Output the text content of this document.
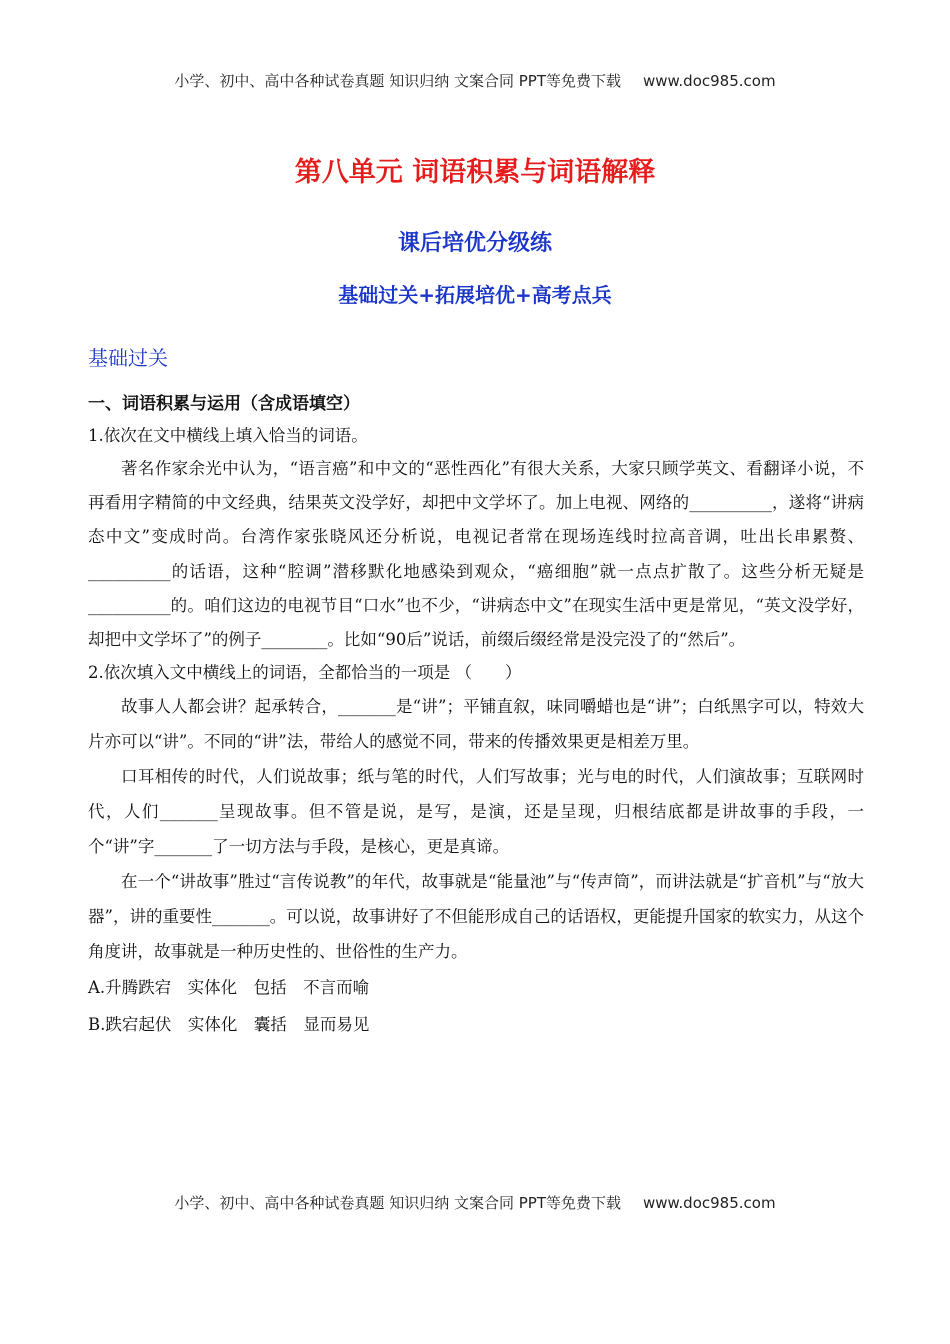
小学、初中、高中各种试卷真题 知识归纳 文案合同 PPT等免费下载 www.doc985.com
第八单元 词语积累与词语解释
课后培优分级练
基础过关+拓展培优+高考点兵
基础过关

一、词语积累与运用（含成语填空）

1.依次在文中横线上填入恰当的词语。

著名作家余光中认为，“语言癌”和中文的“恶性西化”有很大关系，大家只顾学英文、看翻译小说，不再看用字精简的中文经典，结果英文没学好，却把中文学坏了。加上电视、网络的__________，遂将“讲病态中文”变成时尚。台湾作家张晓风还分析说，电视记者常在现场连线时拉高音调，吐出长串累赘、__________的话语，这种“腔调”潜移默化地感染到观众，“癌细胞”就一点点扩散了。这些分析无疑是__________的。咱们这边的电视节目“口水”也不少，“讲病态中文”在现实生活中更是常见，“英文没学好，却把中文学坏了”的例子________。比如“90后”说话，前缀后缀经常是没完没了的“然后”。

2.依次填入文中横线上的词语，全都恰当的一项是 （　　）

故事人人都会讲？起承转合，_______是“讲”；平铺直叙，味同嚼蜡也是“讲”；白纸黑字可以，特效大片亦可以“讲”。不同的“讲”法，带给人的感觉不同，带来的传播效果更是相差万里。

口耳相传的时代，人们说故事；纸与笔的时代，人们写故事；光与电的时代，人们演故事；互联网时代，人们_______呈现故事。但不管是说，是写，是演，还是呈现，归根结底都是讲故事的手段，一个“讲”字_______了一切方法与手段，是核心，更是真谛。

在一个“讲故事”胜过“言传说教”的年代，故事就是“能量池”与“传声筒”，而讲法就是“扩音机”与“放大器”，讲的重要性_______。可以说，故事讲好了不但能形成自己的话语权，更能提升国家的软实力，从这个角度讲，故事就是一种历史性的、世俗性的生产力。

A.升腾跌宕　实体化　包括　不言而喻

B.跌宕起伏　实体化　囊括　显而易见

小学、初中、高中各种试卷真题 知识归纳 文案合同 PPT等免费下载 www.doc985.com
